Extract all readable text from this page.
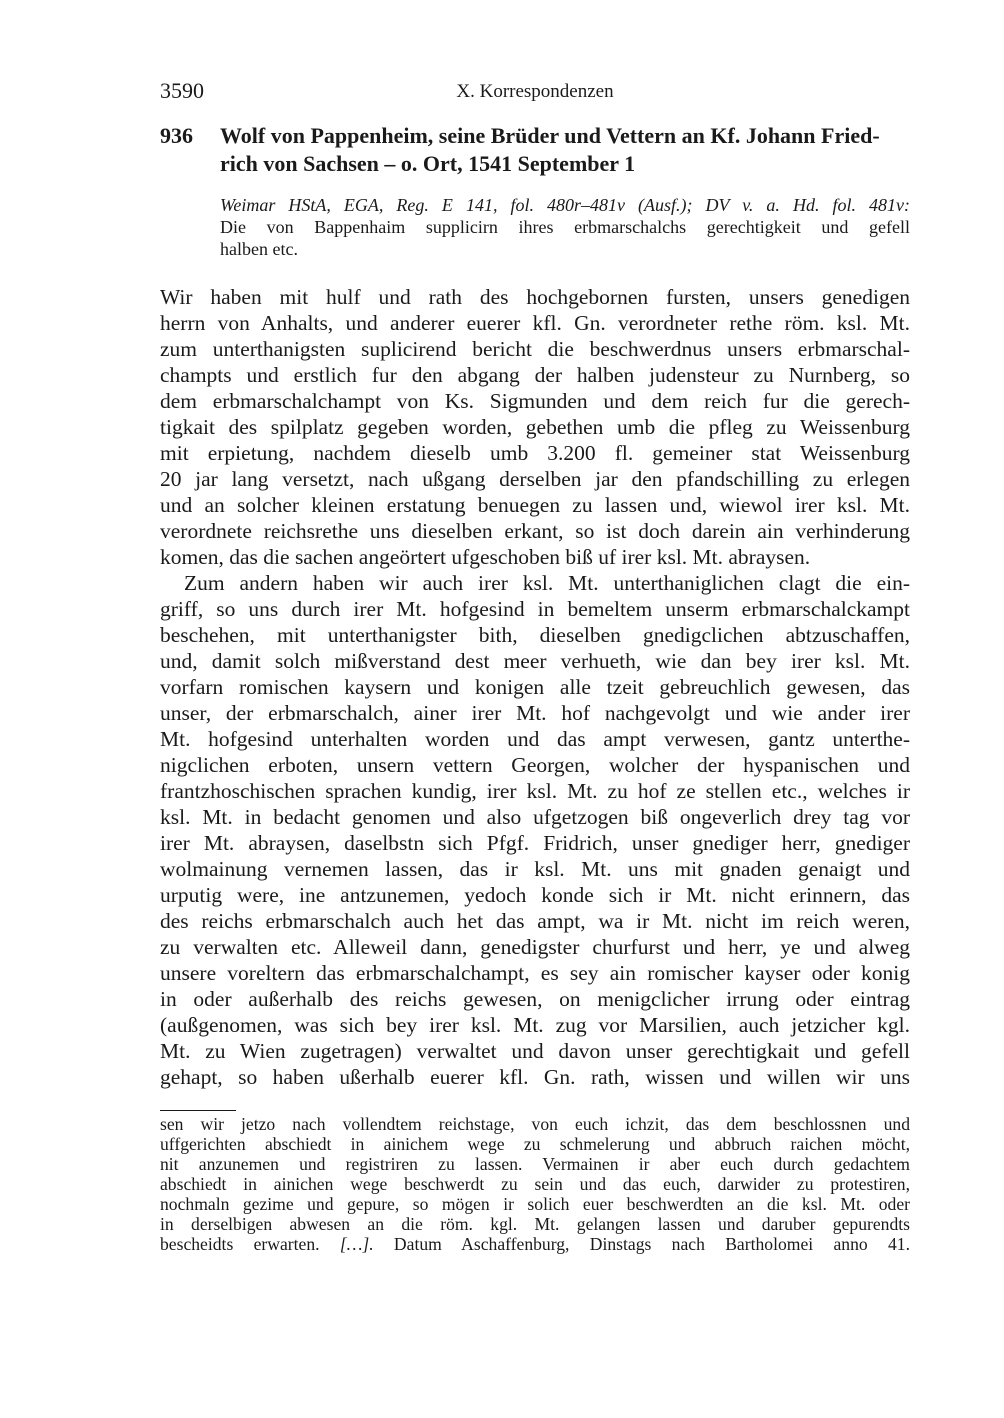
3590	X. Korrespondenzen
936 Wolf von Pappenheim, seine Brüder und Vettern an Kf. Johann Fried-
rich von Sachsen – o. Ort, 1541 September 1
Weimar HStA, EGA, Reg. E 141, fol. 480r–481v (Ausf.); DV v. a. Hd. fol. 481v:
Die von Bappenhaim supplicirn ihres erbmarschalchs gerechtigkeit und gefell
halben etc.
Wir haben mit hulf und rath des hochgebornen fursten, unsers genedigen
herrn von Anhalts, und anderer euerer kfl. Gn. verordneter rethe röm. ksl. Mt.
zum unterthanigsten suplicirend bericht die beschwerdnus unsers erbmarschal-
champts und erstlich fur den abgang der halben judensteur zu Nurnberg, so
dem erbmarschalchampt von Ks. Sigmunden und dem reich fur die gerech-
tigkait des spilplatz gegeben worden, gebethen umb die pfleg zu Weissenburg
mit erpietung, nachdem dieselb umb 3.200 fl. gemeiner stat Weissenburg
20 jar lang versetzt, nach ußgang derselben jar den pfandschilling zu erlegen
und an solcher kleinen erstatung benuegen zu lassen und, wiewol irer ksl. Mt.
verordnete reichsrethe uns dieselben erkant, so ist doch darein ain verhinderung
komen, das die sachen angeörtert ufgeschoben biß uf irer ksl. Mt. abraysen.
Zum andern haben wir auch irer ksl. Mt. unterthaniglichen clagt die ein-
griff, so uns durch irer Mt. hofgesind in bemeltem unserm erbmarschalckampt
beschehen, mit unterthanigster bith, dieselben gnedigclichen abtzuschaffen,
und, damit solch mißverstand dest meer verhueth, wie dan bey irer ksl. Mt.
vorfarn romischen kaysern und konigen alle tzeit gebreuchlich gewesen, das
unser, der erbmarschalch, ainer irer Mt. hof nachgevolgt und wie ander irer
Mt. hofgesind unterhalten worden und das ampt verwesen, gantz unterthe-
nigclichen erboten, unsern vettern Georgen, wolcher der hyspanischen und
frantzhoschischen sprachen kundig, irer ksl. Mt. zu hof ze stellen etc., welches ir
ksl. Mt. in bedacht genomen und also ufgetzogen biß ongeverlich drey tag vor
irer Mt. abraysen, daselbstn sich Pfgf. Fridrich, unser gnediger herr, gnediger
wolmainung vernemen lassen, das ir ksl. Mt. uns mit gnaden genaigt und
urputig were, ine antzunemen, yedoch konde sich ir Mt. nicht erinnern, das
des reichs erbmarschalch auch het das ampt, wa ir Mt. nicht im reich weren,
zu verwalten etc. Alleweil dann, genedigster churfurst und herr, ye und alweg
unsere voreltern das erbmarschalchampt, es sey ain romischer kayser oder konig
in oder außerhalb des reichs gewesen, on menigclicher irrung oder eintrag
(außgenomen, was sich bey irer ksl. Mt. zug vor Marsilien, auch jetzicher kgl.
Mt. zu Wien zugetragen) verwaltet und davon unser gerechtigkait und gefell
gehapt, so haben ußerhalb euerer kfl. Gn. rath, wissen und willen wir uns
sen wir jetzo nach vollendtem reichstage, von euch ichzit, das dem beschlossnen und
uffgerichten abschiedt in ainichem wege zu schmelerung und abbruch raichen möcht,
nit anzunemen und registriren zu lassen. Vermainen ir aber euch durch gedachtem
abschiedt in ainichen wege beschwerdt zu sein und das euch, darwider zu protestiren,
nochmaln gezime und gepure, so mögen ir solich euer beschwerdten an die ksl. Mt. oder
in derselbigen abwesen an die röm. kgl. Mt. gelangen lassen und daruber gepurendts
bescheidts erwarten. […]. Datum Aschaffenburg, Dinstags nach Bartholomei anno 41.
